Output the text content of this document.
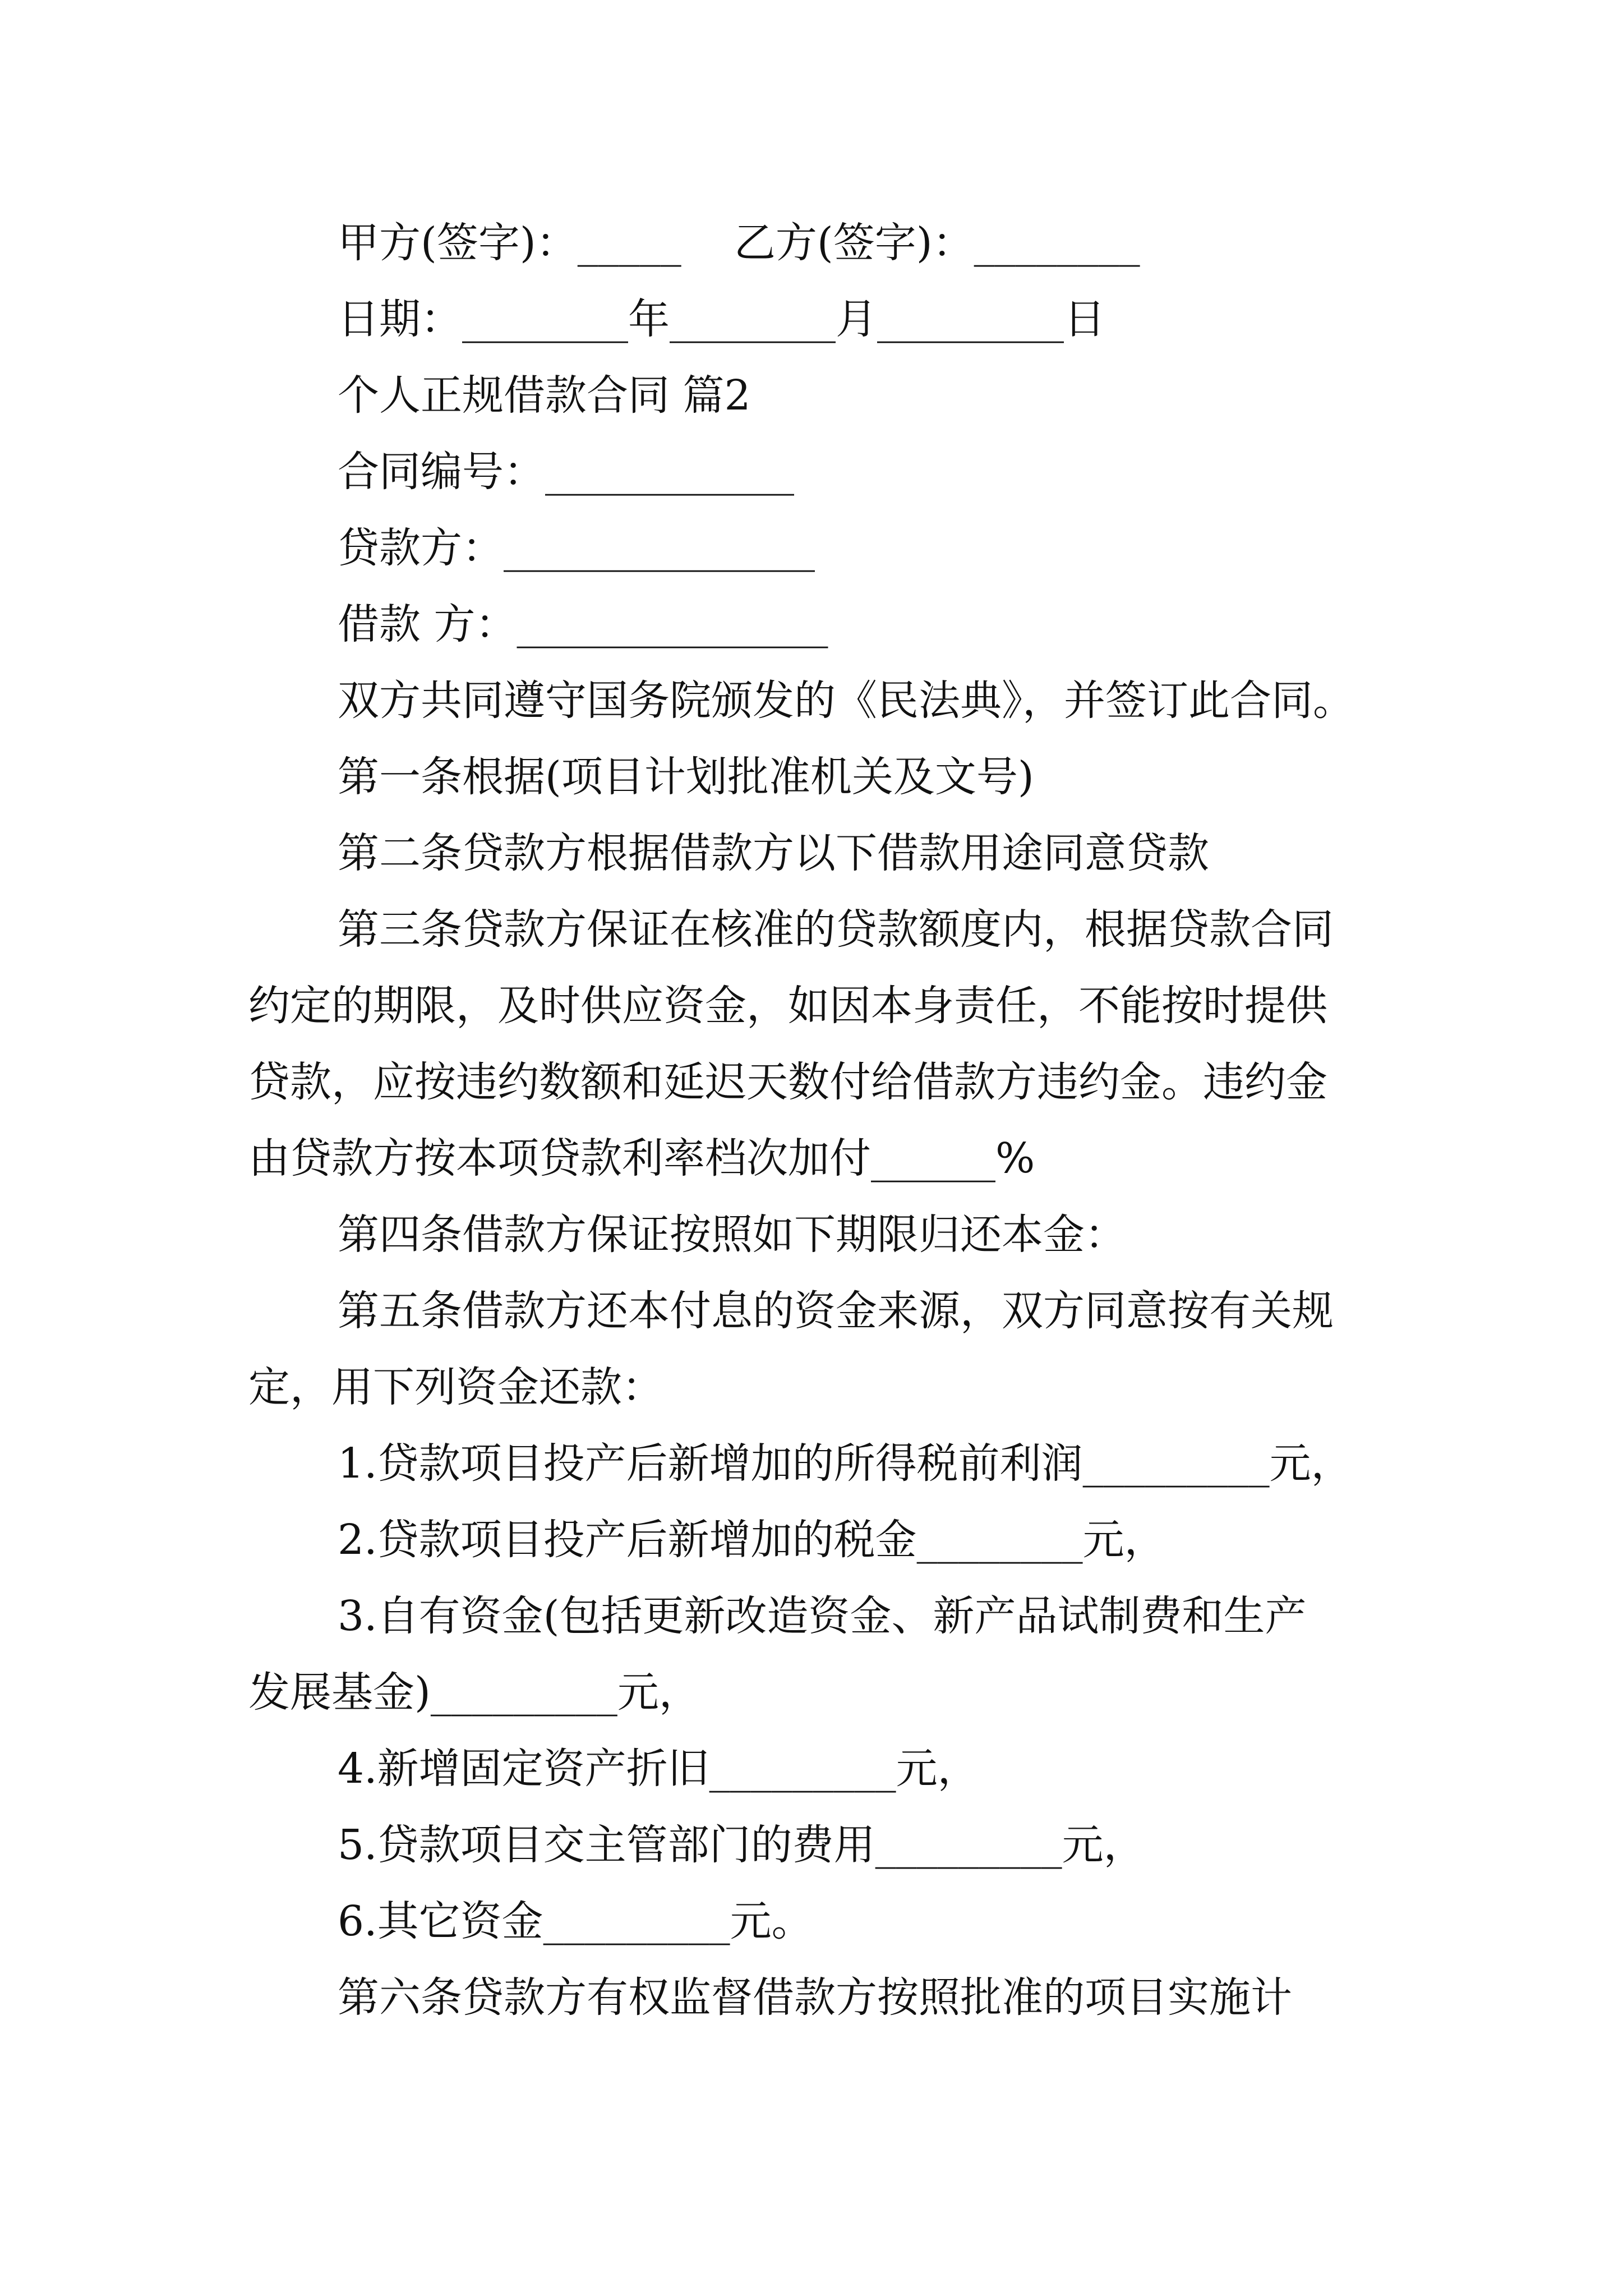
甲方(签字)：_____ 乙方(签字)：________
日期：________年________月_________日
个人正规借款合同 篇2
合同编号：____________
贷款方：_______________
借款 方：_______________
双方共同遵守国务院颁发的《民法典》，并签订此合同。
第一条根据(项目计划批准机关及文号)
第二条贷款方根据借款方以下借款用途同意贷款
第三条贷款方保证在核准的贷款额度内，根据贷款合同
约定的期限，及时供应资金，如因本身责任，不能按时提供
贷款，应按违约数额和延迟天数付给借款方违约金。违约金
由贷款方按本项贷款利率档次加付______%
第四条借款方保证按照如下期限归还本金：
第五条借款方还本付息的资金来源，双方同意按有关规
定，用下列资金还款：
1.贷款项目投产后新增加的所得税前利润_________元，
2.贷款项目投产后新增加的税金________元，
3.自有资金(包括更新改造资金、新产品试制费和生产
发展基金)_________元，
4.新增固定资产折旧_________元，
5.贷款项目交主管部门的费用_________元，
6.其它资金_________元。
第六条贷款方有权监督借款方按照批准的项目实施计
